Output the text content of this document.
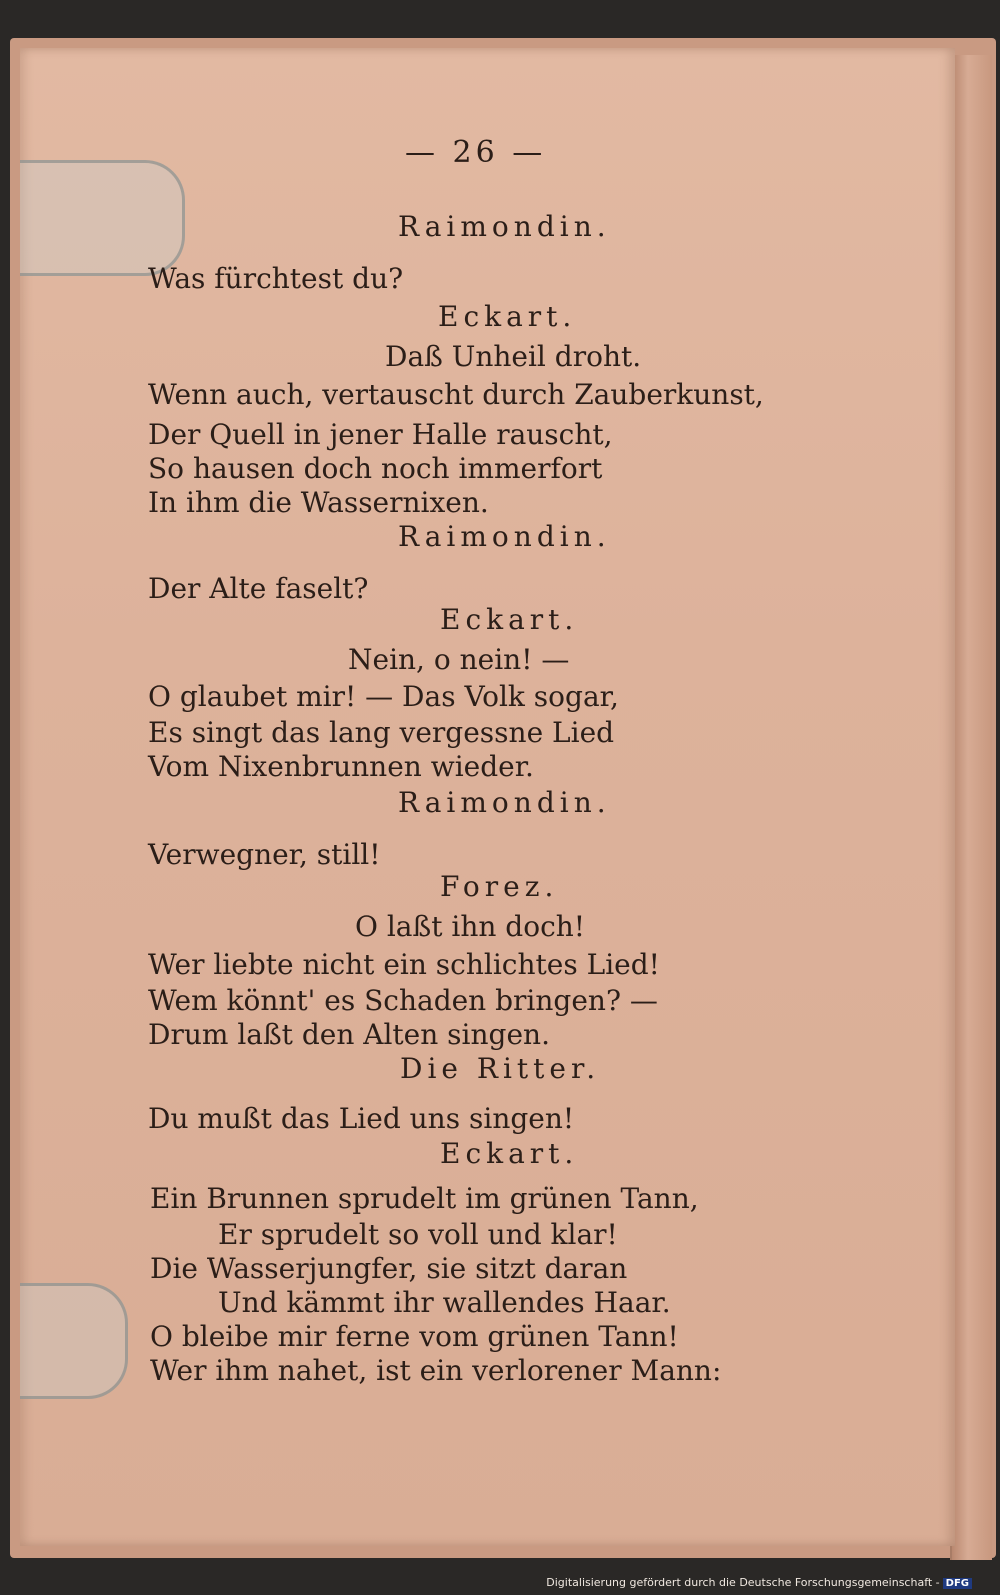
— 26 —
Raimondin.
Was fürchtest du?
Eckart.
Daß Unheil droht.
Wenn auch, vertauscht durch Zauberkunst,
Der Quell in jener Halle rauscht,
So hausen doch noch immerfort
In ihm die Wassernixen.
Raimondin.
Der Alte faselt?
Eckart.
Nein, o nein! —
O glaubet mir! — Das Volk sogar,
Es singt das lang vergessne Lied
Vom Nixenbrunnen wieder.
Raimondin.
Verwegner, still!
Forez.
O laßt ihn doch!
Wer liebte nicht ein schlichtes Lied!
Wem könnt' es Schaden bringen? —
Drum laßt den Alten singen.
Die Ritter.
Du mußt das Lied uns singen!
Eckart.
Ein Brunnen sprudelt im grünen Tann,
Er sprudelt so voll und klar!
Die Wasserjungfer, sie sitzt daran
Und kämmt ihr wallendes Haar.
O bleibe mir ferne vom grünen Tann!
Wer ihm nahet, ist ein verlorener Mann:
Digitalisierung gefördert durch die Deutsche Forschungsgemeinschaft - DFG
